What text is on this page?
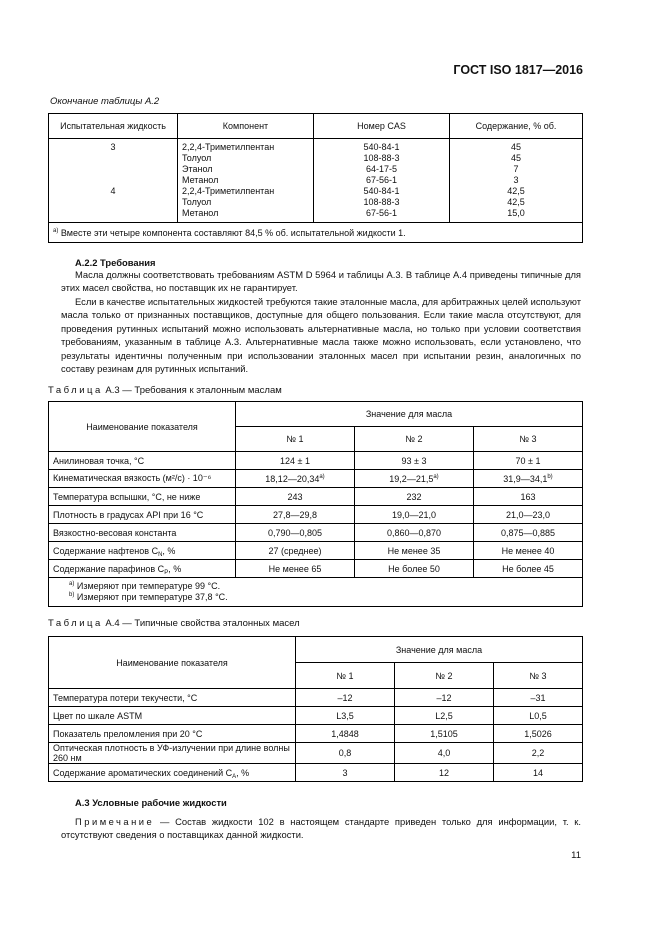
ГОСТ ISO 1817—2016
Окончание таблицы А.2
Испытательная жидкость	Компонент	Номер CAS	Содержание, % об.
3	2,2,4-Триметилпентан	540-84-1	45
	Толуол	108-88-3	45
	Этанол	64-17-5	7
	Метанол	67-56-1	3
4	2,2,4-Триметилпентан	540-84-1	42,5
	Толуол	108-88-3	42,5
	Метанол	67-56-1	15,0
$^{a)}$ Вместе эти четыре компонента составляют 84,5 % об. испытательной жидкости 1.			
А.2.2 Требования
Масла должны соответствовать требованиям ASTM D 5964 и таблицы А.3. В таблице А.4 приведены типичные для этих масел свойства, но поставщик их не гарантирует.
Если в качестве испытательных жидкостей требуются такие эталонные масла, для арбитражных целей используют масла только от признанных поставщиков, доступные для общего пользования. Если такие масла отсутствуют, для проведения рутинных испытаний можно использовать альтернативные масла, но только при условии соответствия требованиям, указанным в таблице А.3. Альтернативные масла также можно использовать, если установлено, что результаты идентичны полученным при использовании эталонных масел при испытании резин, аналогичных по составу резинам для рутинных испытаний.
Таблица А.3 — Требования к эталонным маслам
Наименование показателя	Значение для масла		
	№ 1	№ 2	№ 3
Анилиновая точка, °С	124 ± 1	93 ± 3	70 ± 1
Кинематическая вязкость (м²/с) · 10⁻⁶	18,12—20,34$^{a)}$	19,2—21,5$^{a)}$	31,9—34,1$^{b)}$
Температура вспышки, °С, не ниже	243	232	163
Плотность в градусах API при 16 °С	27,8—29,8	19,0—21,0	21,0—23,0
Вязкостно-весовая константа	0,790—0,805	0,860—0,870	0,875—0,885
Содержание нафтенов $С_N$, %	27 (среднее)	Не менее 35	Не менее 40
Содержание парафинов $С_P$, %	Не менее 65	Не более 50	Не более 45

$^{a)}$ Измеряют при температуре 99 °С.
$^{b)}$ Измеряют при температуре 37,8 °С.			
Таблица А.4 — Типичные свойства эталонных масел
Наименование показателя	Значение для масла		
	№ 1	№ 2	№ 3
Температура потери текучести, °С	–12	–12	–31
Цвет по шкале ASTM	L3,5	L2,5	L0,5
Показатель преломления при 20 °С	1,4848	1,5105	1,5026
Оптическая плотность в УФ-излучении при длине волны 260 нм	0,8	4,0	2,2
Содержание ароматических соединений $С_A$, %	3	12	14
А.3 Условные рабочие жидкости
Примечание — Состав жидкости 102 в настоящем стандарте приведен только для информации, т. к. отсутствуют сведения о поставщиках данной жидкости.
11
